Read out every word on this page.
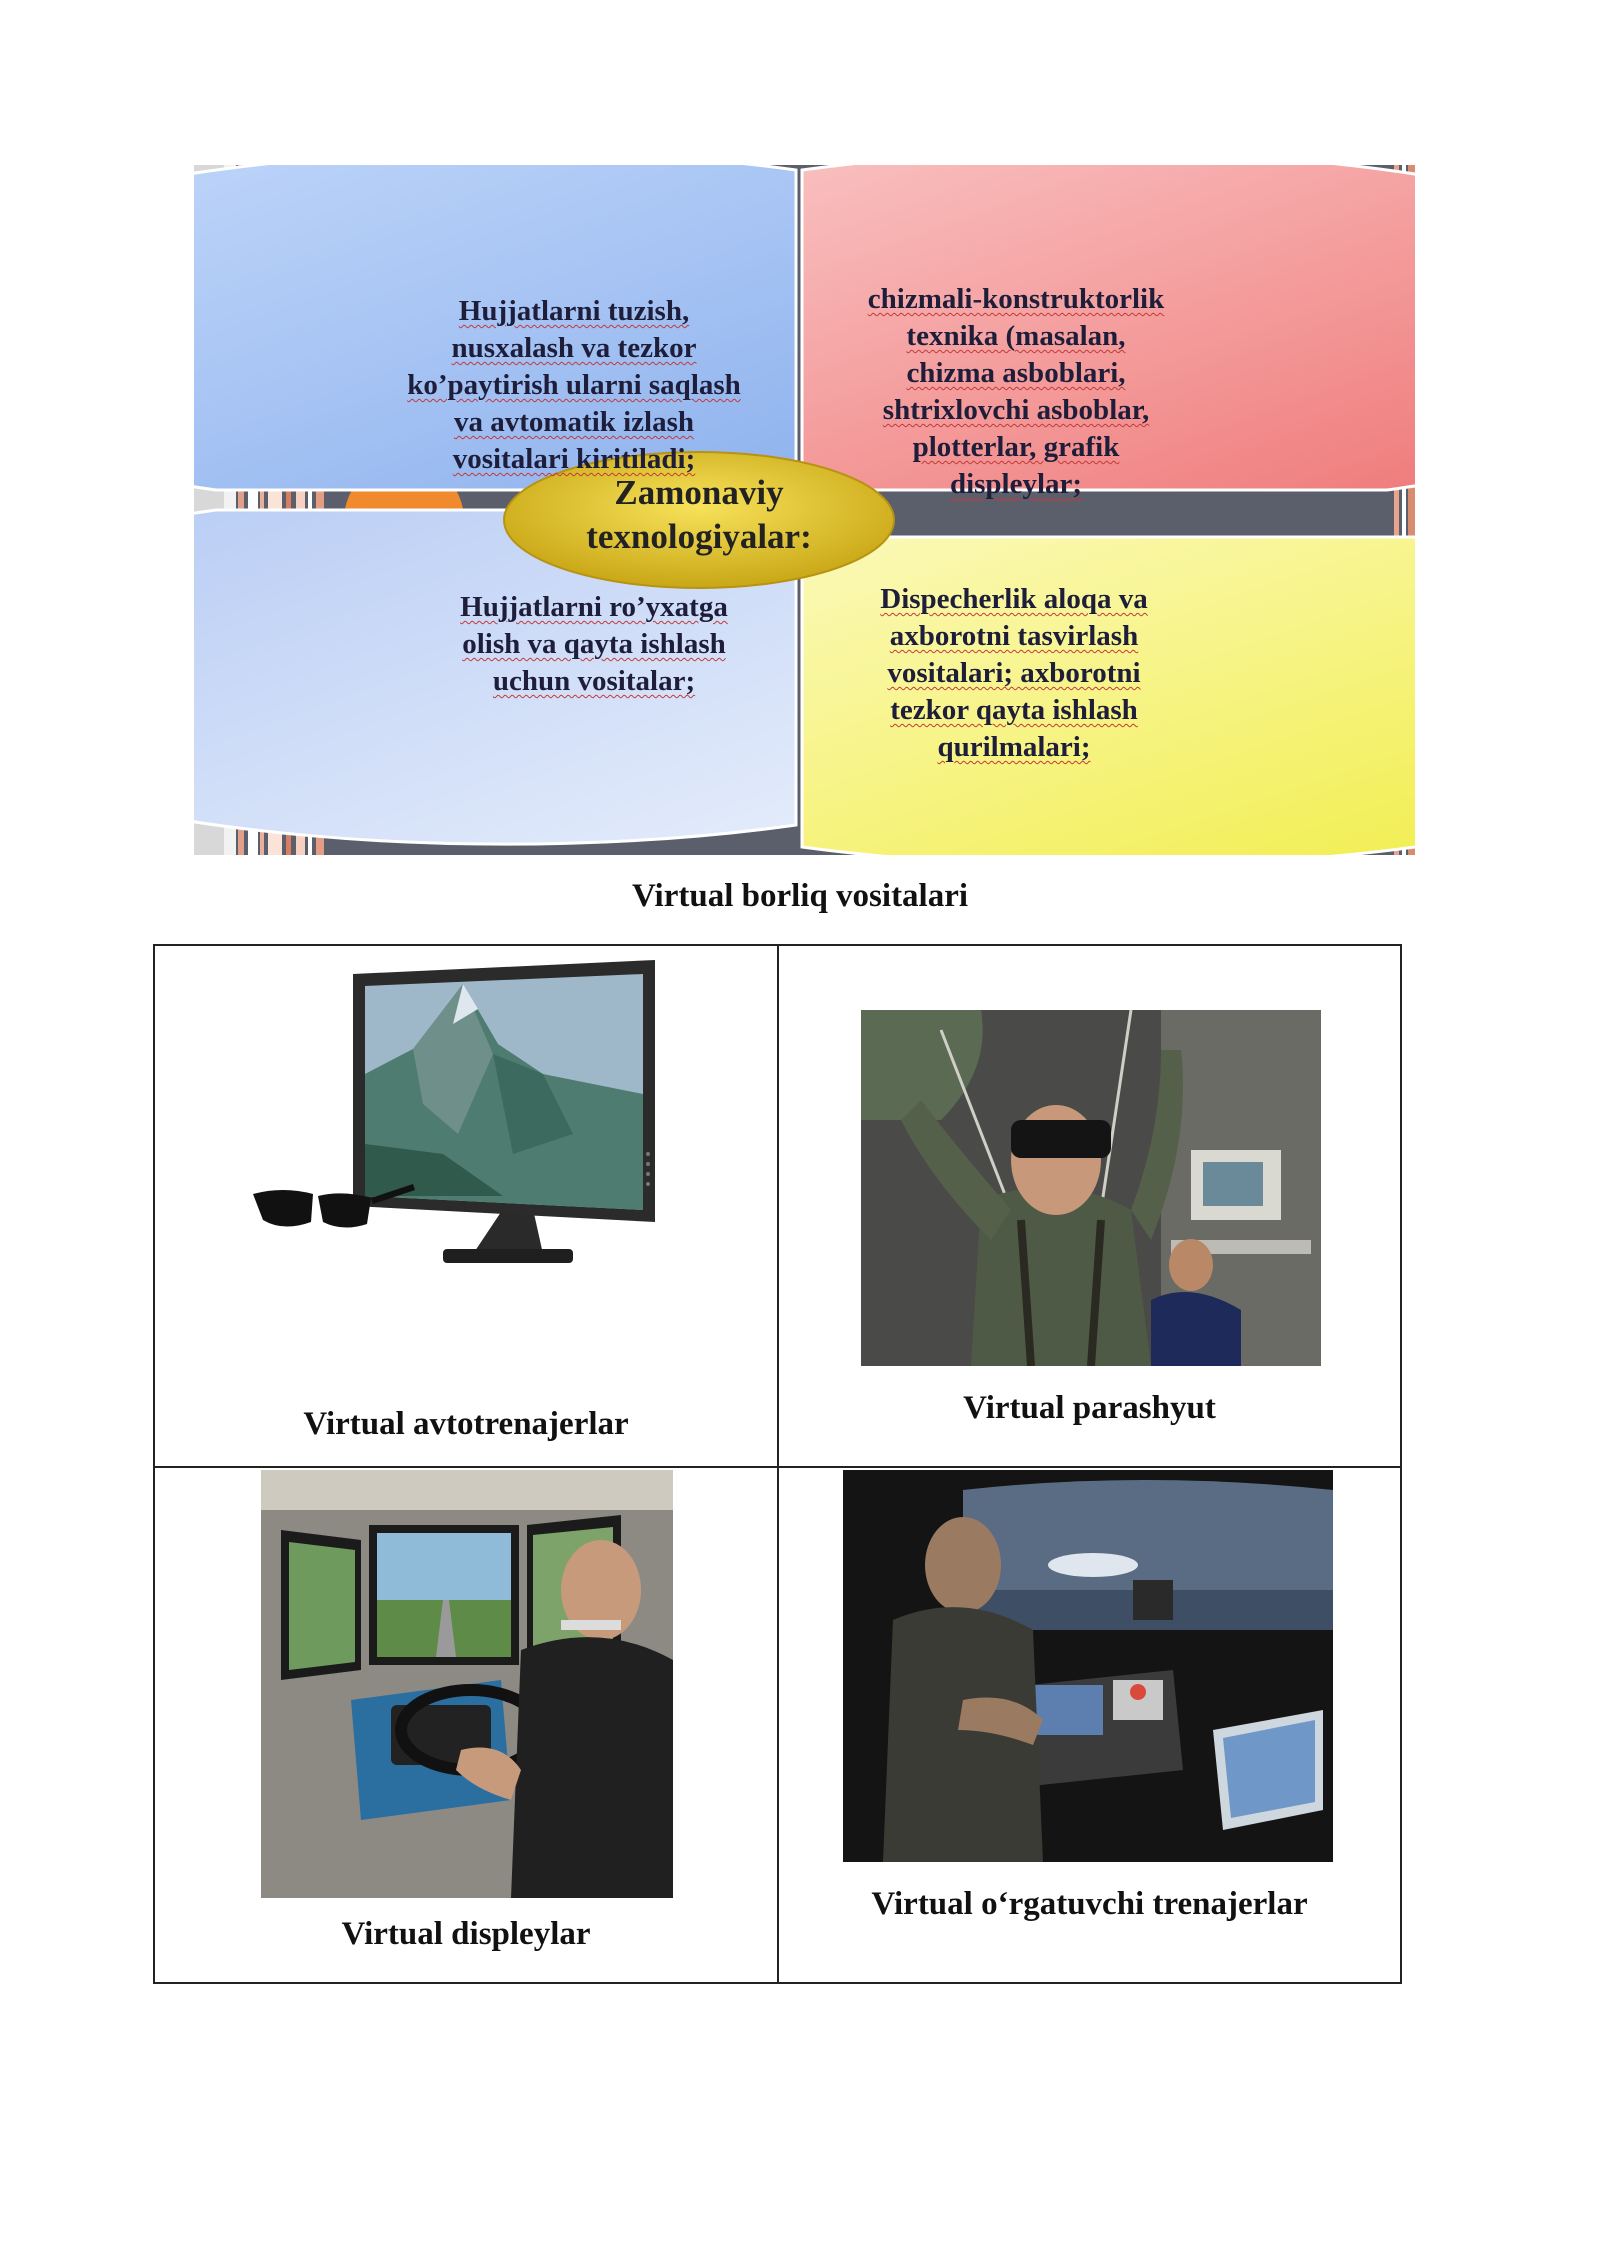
Hujjatlarni tuzish,
nusxalash va tezkor
ko’paytirish ularni saqlash
va avtomatik izlash
vositalari kiritiladi;
chizmali-konstruktorlik
texnika (masalan,
chizma asboblari,
shtrixlovchi asboblar,
plotterlar, grafik
displeylar;
Hujjatlarni ro’yxatga
olish va qayta ishlash
uchun vositalar;
Dispecherlik aloqa va
axborotni tasvirlash
vositalari; axborotni
tezkor qayta ishlash
qurilmalari;
Zamonaviy
texnologiyalar:
Virtual borliq vositalari
Virtual avtotrenajerlar	Virtual parashyut
Virtual displeylar
Virtual o‘rgatuvchi trenajerlar
